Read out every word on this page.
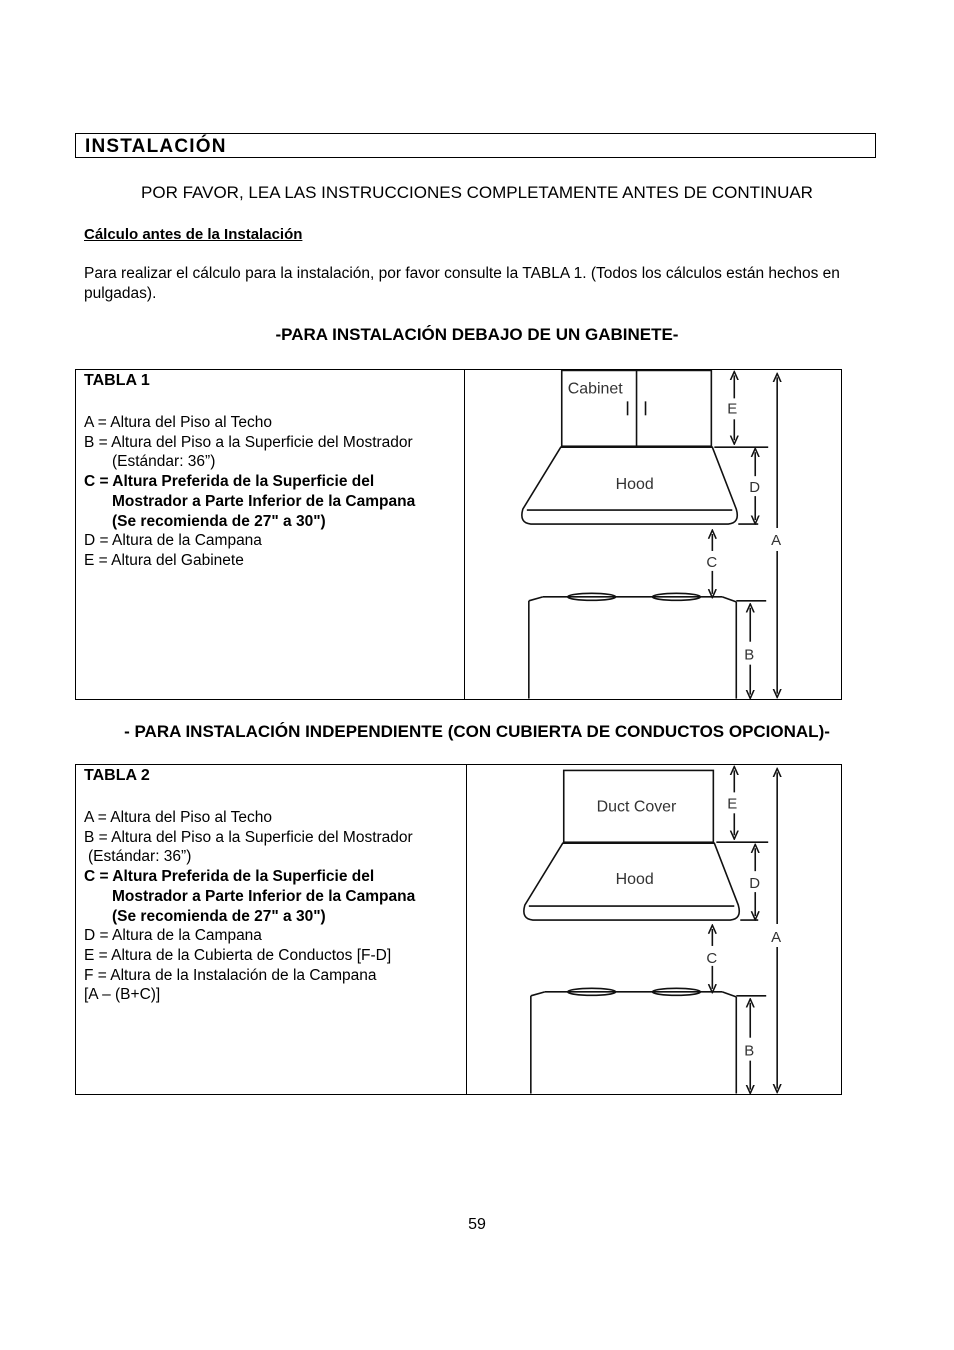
INSTALACIÓN
POR FAVOR, LEA LAS INSTRUCCIONES COMPLETAMENTE ANTES DE CONTINUAR
Cálculo antes de la Instalación
Para realizar el cálculo para la instalación, por favor consulte la TABLA 1. (Todos los cálculos están hechos en pulgadas).
-PARA INSTALACIÓN DEBAJO DE UN GABINETE-
TABLA 1
A = Altura del Piso al Techo
B = Altura del Piso a la Superficie del Mostrador
(Estándar: 36”)
C = Altura Preferida de la Superficie del
Mostrador a Parte Inferior de la Campana
(Se recomienda de 27" a 30")
D = Altura de la Campana
E = Altura del Gabinete
Cabinet
Hood
E
D
C
B
A
- PARA INSTALACIÓN INDEPENDIENTE (CON CUBIERTA DE CONDUCTOS OPCIONAL)-
TABLA 2
A = Altura del Piso al Techo
B = Altura del Piso a la Superficie del Mostrador
(Estándar: 36”)
C = Altura Preferida de la Superficie del
Mostrador a Parte Inferior de la Campana
(Se recomienda de 27" a 30")
D = Altura de la Campana
E = Altura de la Cubierta de Conductos [F-D]
F = Altura de la Instalación de la Campana
[A – (B+C)]
Duct Cover
Hood
E
D
C
B
A
59
